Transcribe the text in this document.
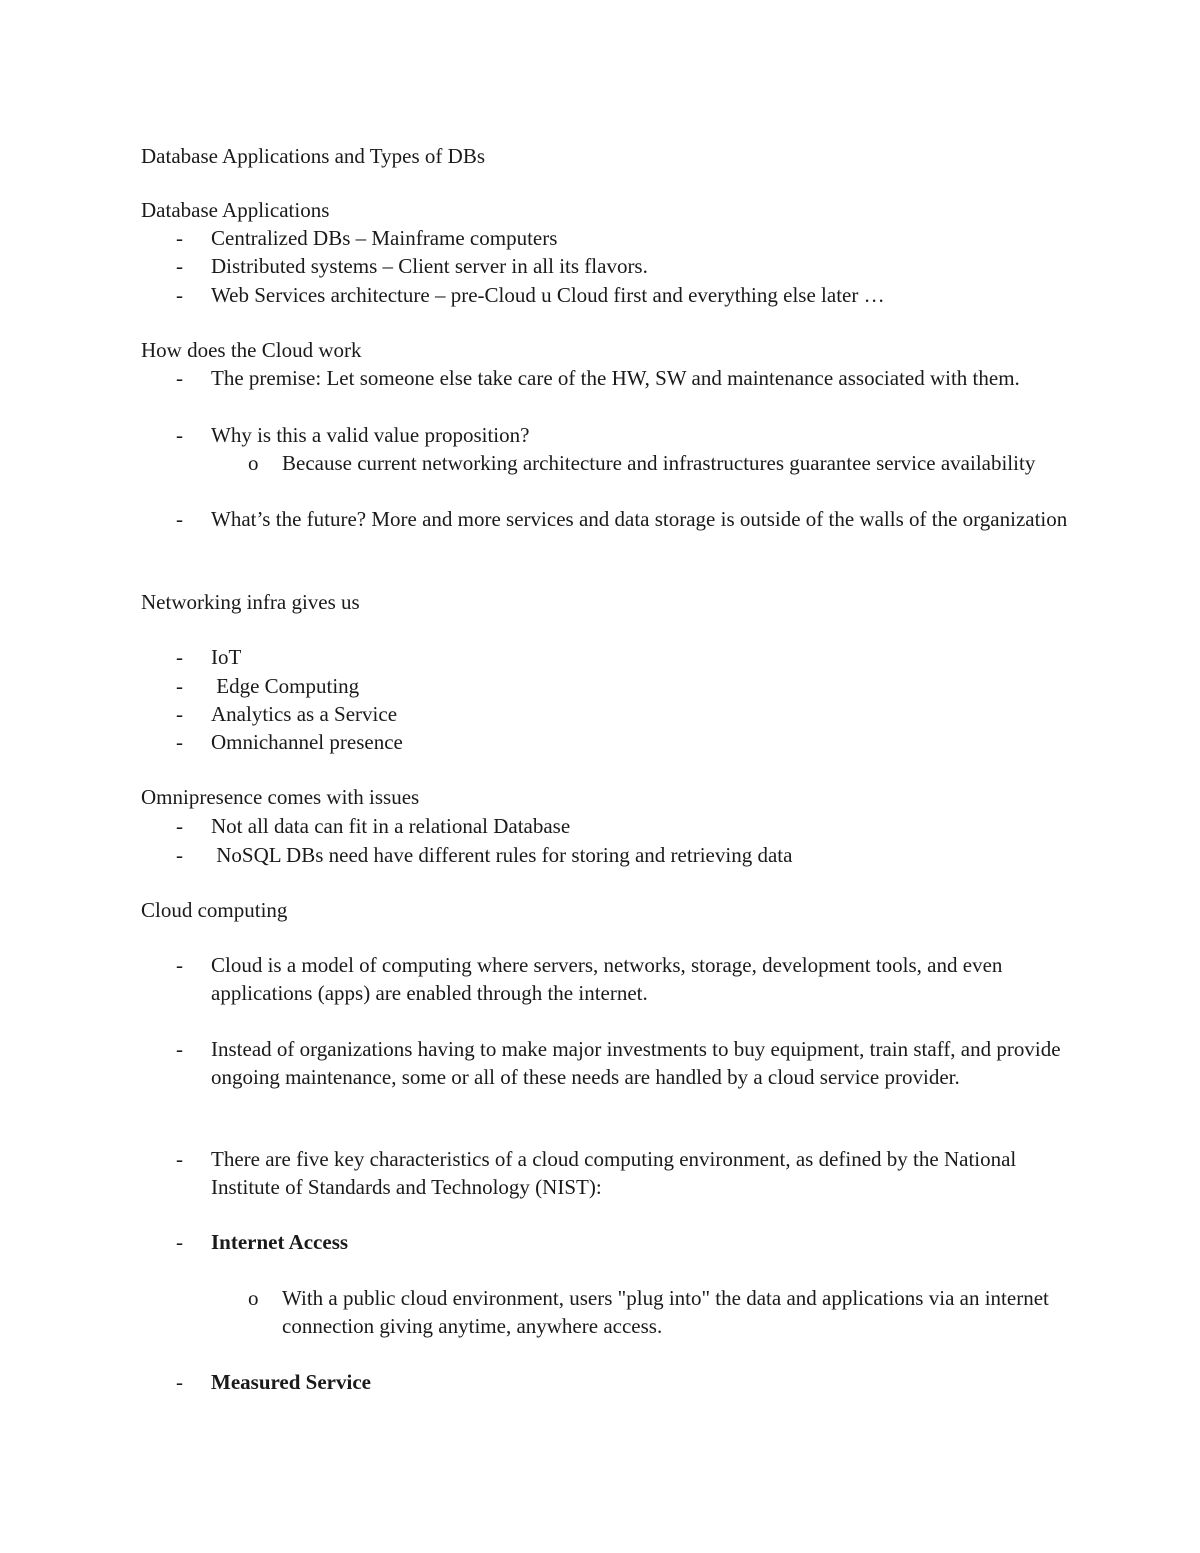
Database Applications and Types of DBs

Database Applications

-	Centralized DBs – Mainframe computers
-	Distributed systems – Client server in all its flavors.
-	Web Services architecture – pre-Cloud u Cloud first and everything else later …

How does the Cloud work

-	The premise: Let someone else take care of the HW, SW and maintenance associated with them.
-	Why is this a valid value proposition?
o	Because current networking architecture and infrastructures guarantee service availability
-	What’s the future? More and more services and data storage is outside of the walls of the organization

Networking infra gives us

-	IoT
-	Edge Computing
-	Analytics as a Service
-	Omnichannel presence

Omnipresence comes with issues

-	Not all data can fit in a relational Database
-	NoSQL DBs need have different rules for storing and retrieving data

Cloud computing

-	Cloud is a model of computing where servers, networks, storage, development tools, and even applications (apps) are enabled through the internet.
-	Instead of organizations having to make major investments to buy equipment, train staff, and provide ongoing maintenance, some or all of these needs are handled by a cloud service provider.
-	There are five key characteristics of a cloud computing environment, as defined by the National Institute of Standards and Technology (NIST):
-	Internet Access
o	With a public cloud environment, users "plug into" the data and applications via an internet connection giving anytime, anywhere access.
-	Measured Service
